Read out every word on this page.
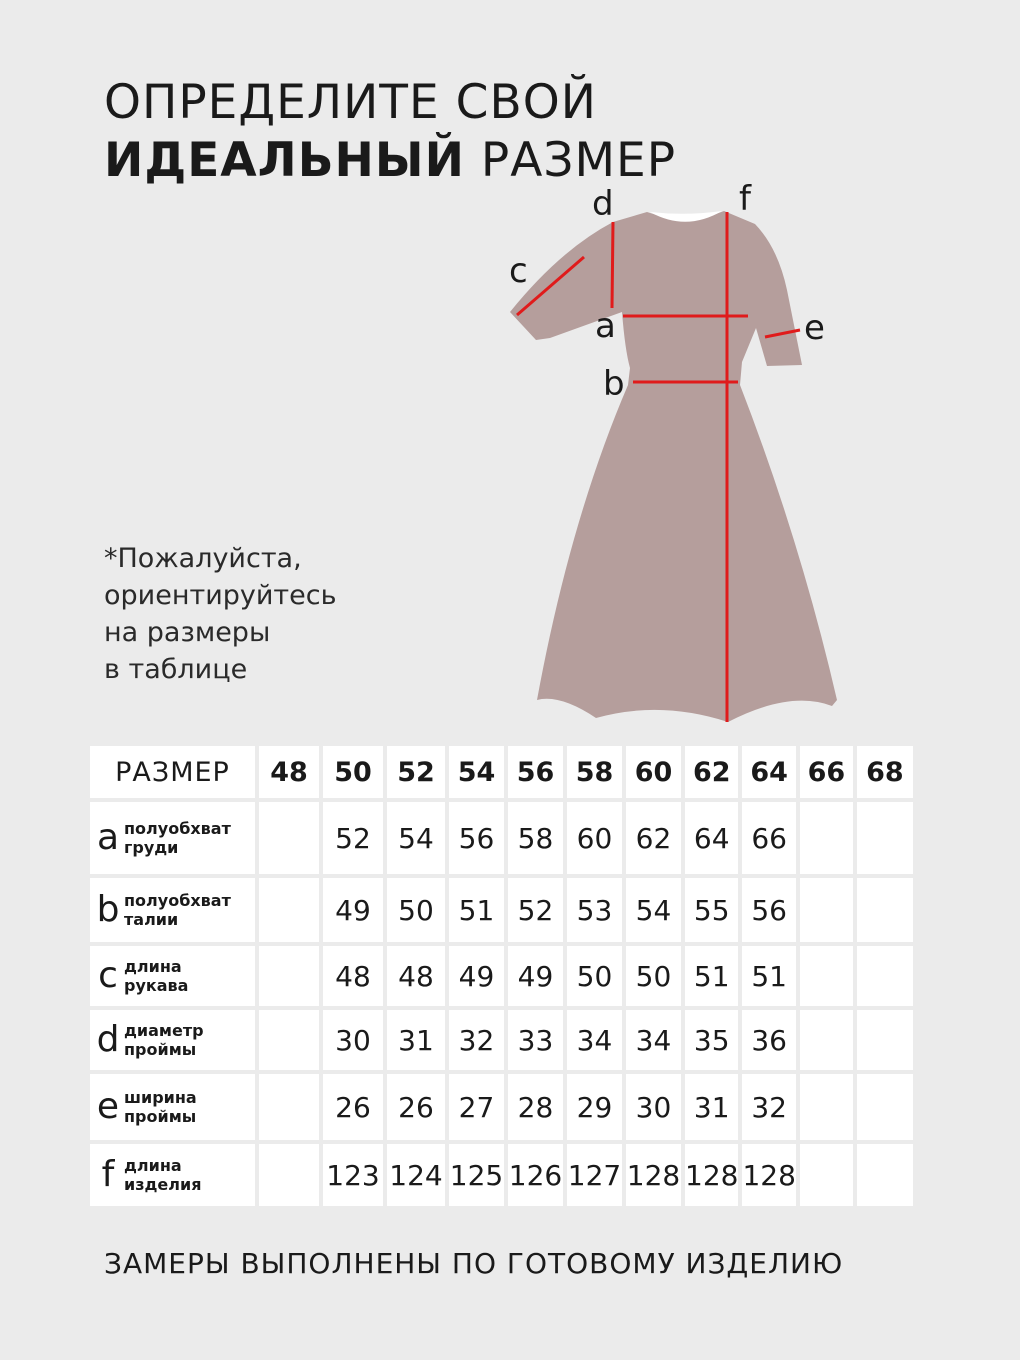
ОПРЕДЕЛИТЕ СВОЙ
ИДЕАЛЬНЫЙ РАЗМЕР
*Пожалуйста,
ориентируйтесь
на размеры
в таблице
d	f
c
a	e
b
РАЗМЕР	48	50	52	54	56	58	60	62	64	66	68

a полуобхват
груди		52	54	56	58	60	62	64	66		

b полуобхват
талии		49	50	51	52	53	54	55	56		

c длина
рукава		48	48	49	49	50	50	51	51		

d диаметр
проймы		30	31	32	33	34	34	35	36		

e ширина
проймы		26	26	27	28	29	30	31	32		

f длина
изделия		123	124	125	126	127	128	128	128		
ЗАМЕРЫ ВЫПОЛНЕНЫ ПО ГОТОВОМУ ИЗДЕЛИЮ
